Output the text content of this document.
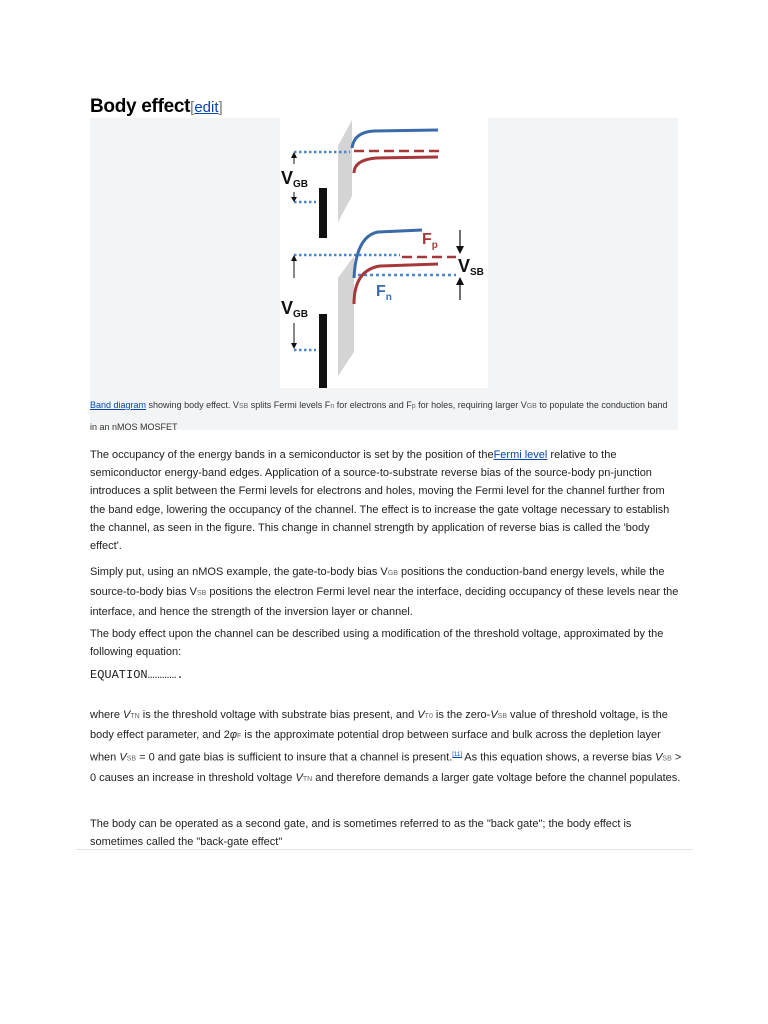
Body effect[edit]
VGB
$F_p$
$F_n$
VSB
VGB
Band diagram showing body effect. VSB splits Fermi levels Fn for electrons and Fp for holes, requiring larger VGB to populate the conduction band in an nMOS MOSFET

The occupancy of the energy bands in a semiconductor is set by the position of theFermi level relative to the semiconductor energy-band edges. Application of a source-to-substrate reverse bias of the source-body pn-junction introduces a split between the Fermi levels for electrons and holes, moving the Fermi level for the channel further from the band edge, lowering the occupancy of the channel. The effect is to increase the gate voltage necessary to establish the channel, as seen in the figure. This change in channel strength by application of reverse bias is called the 'body effect'.

Simply put, using an nMOS example, the gate-to-body bias VGB positions the conduction-band energy levels, while the source-to-body bias VSB positions the electron Fermi level near the interface, deciding occupancy of these levels near the interface, and hence the strength of the inversion layer or channel.

The body effect upon the channel can be described using a modification of the threshold voltage, approximated by the following equation:

EQUATION………….

where VTN is the threshold voltage with substrate bias present, and VT0 is the zero-VSB value of threshold voltage, is the body effect parameter, and 2φF is the approximate potential drop between surface and bulk across the depletion layer when VSB = 0 and gate bias is sufficient to insure that a channel is present.[11] As this equation shows, a reverse bias VSB > 0 causes an increase in threshold voltage VTN and therefore demands a larger gate voltage before the channel populates.

The body can be operated as a second gate, and is sometimes referred to as the "back gate"; the body effect is sometimes called the "back-gate effect"
